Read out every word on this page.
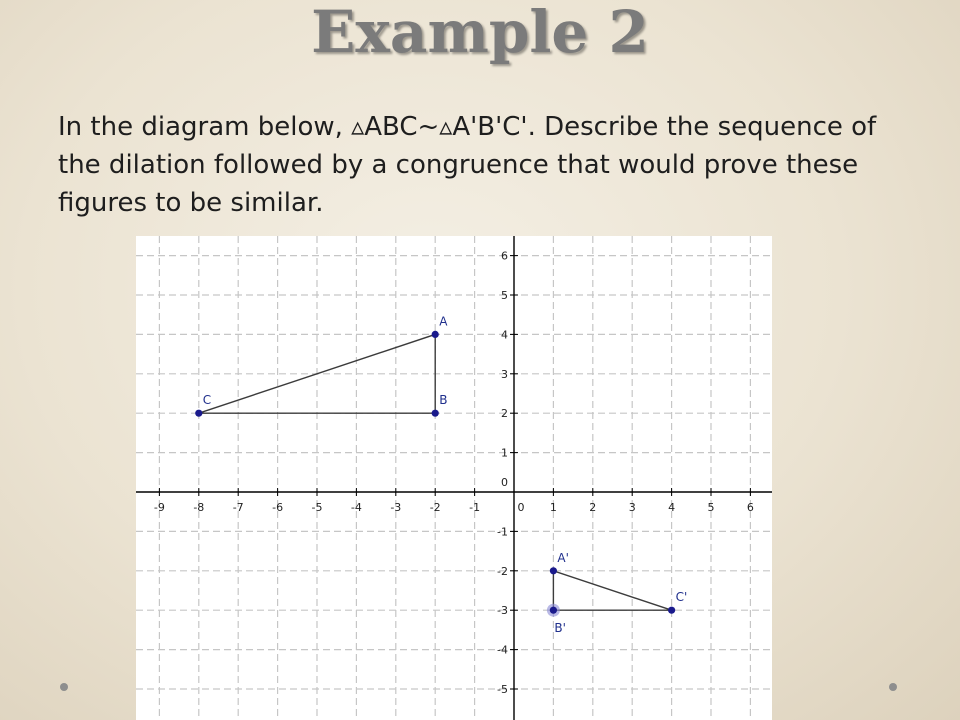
Example 2

In the diagram below, ▵ABC~▵A'B'C'. Describe the sequence of the dilation followed by a congruence that would prove these figures to be similar.

-9	-8	-7	-6	-5	-4	-3	-2	-1	0 1	2	3	4	5	6
6
5
4
3
2
1
0
-1
-2
-3
-4
-5
A
B
C
A'
B'
C'
